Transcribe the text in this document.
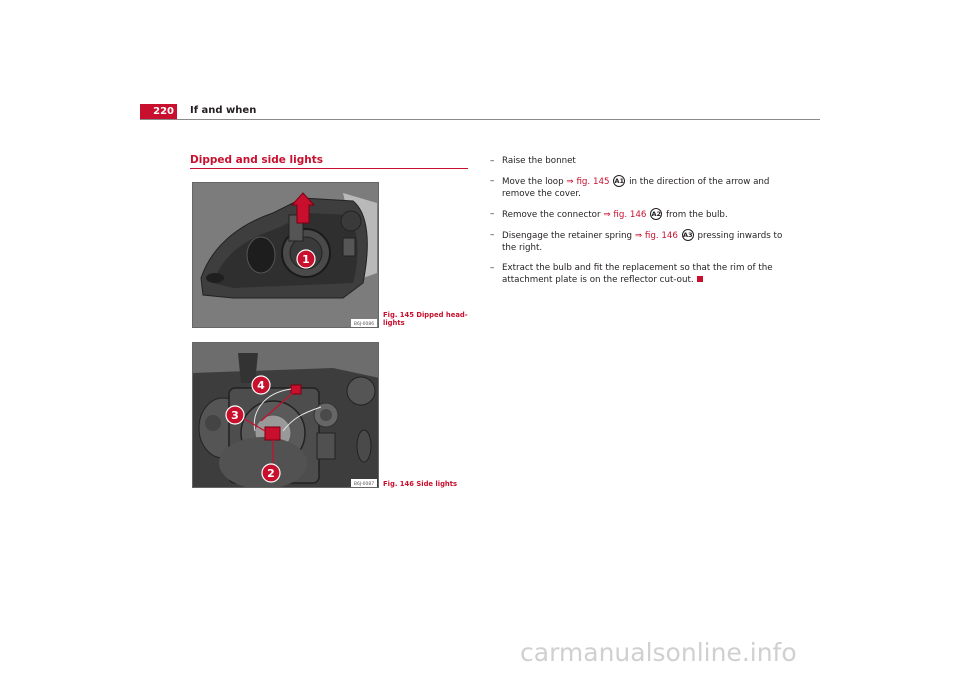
220	If and when
Dipped and side lights
1
B6J-0086
Fig. 145 Dipped head-lights
4
3
2
B6J-0087 Fig. 146 Side lights
– Raise the bonnet
– Move the loop ⇒ fig. 145 A1 in the direction of the arrow and remove the cover.
– Remove the connector ⇒ fig. 146 A2 from the bulb.
– Disengage the retainer spring ⇒ fig. 146 A3 pressing inwards to the right.
– Extract the bulb and fit the replacement so that the rim of the attachment plate is on the reflector cut-out.
carmanualsonline.info
